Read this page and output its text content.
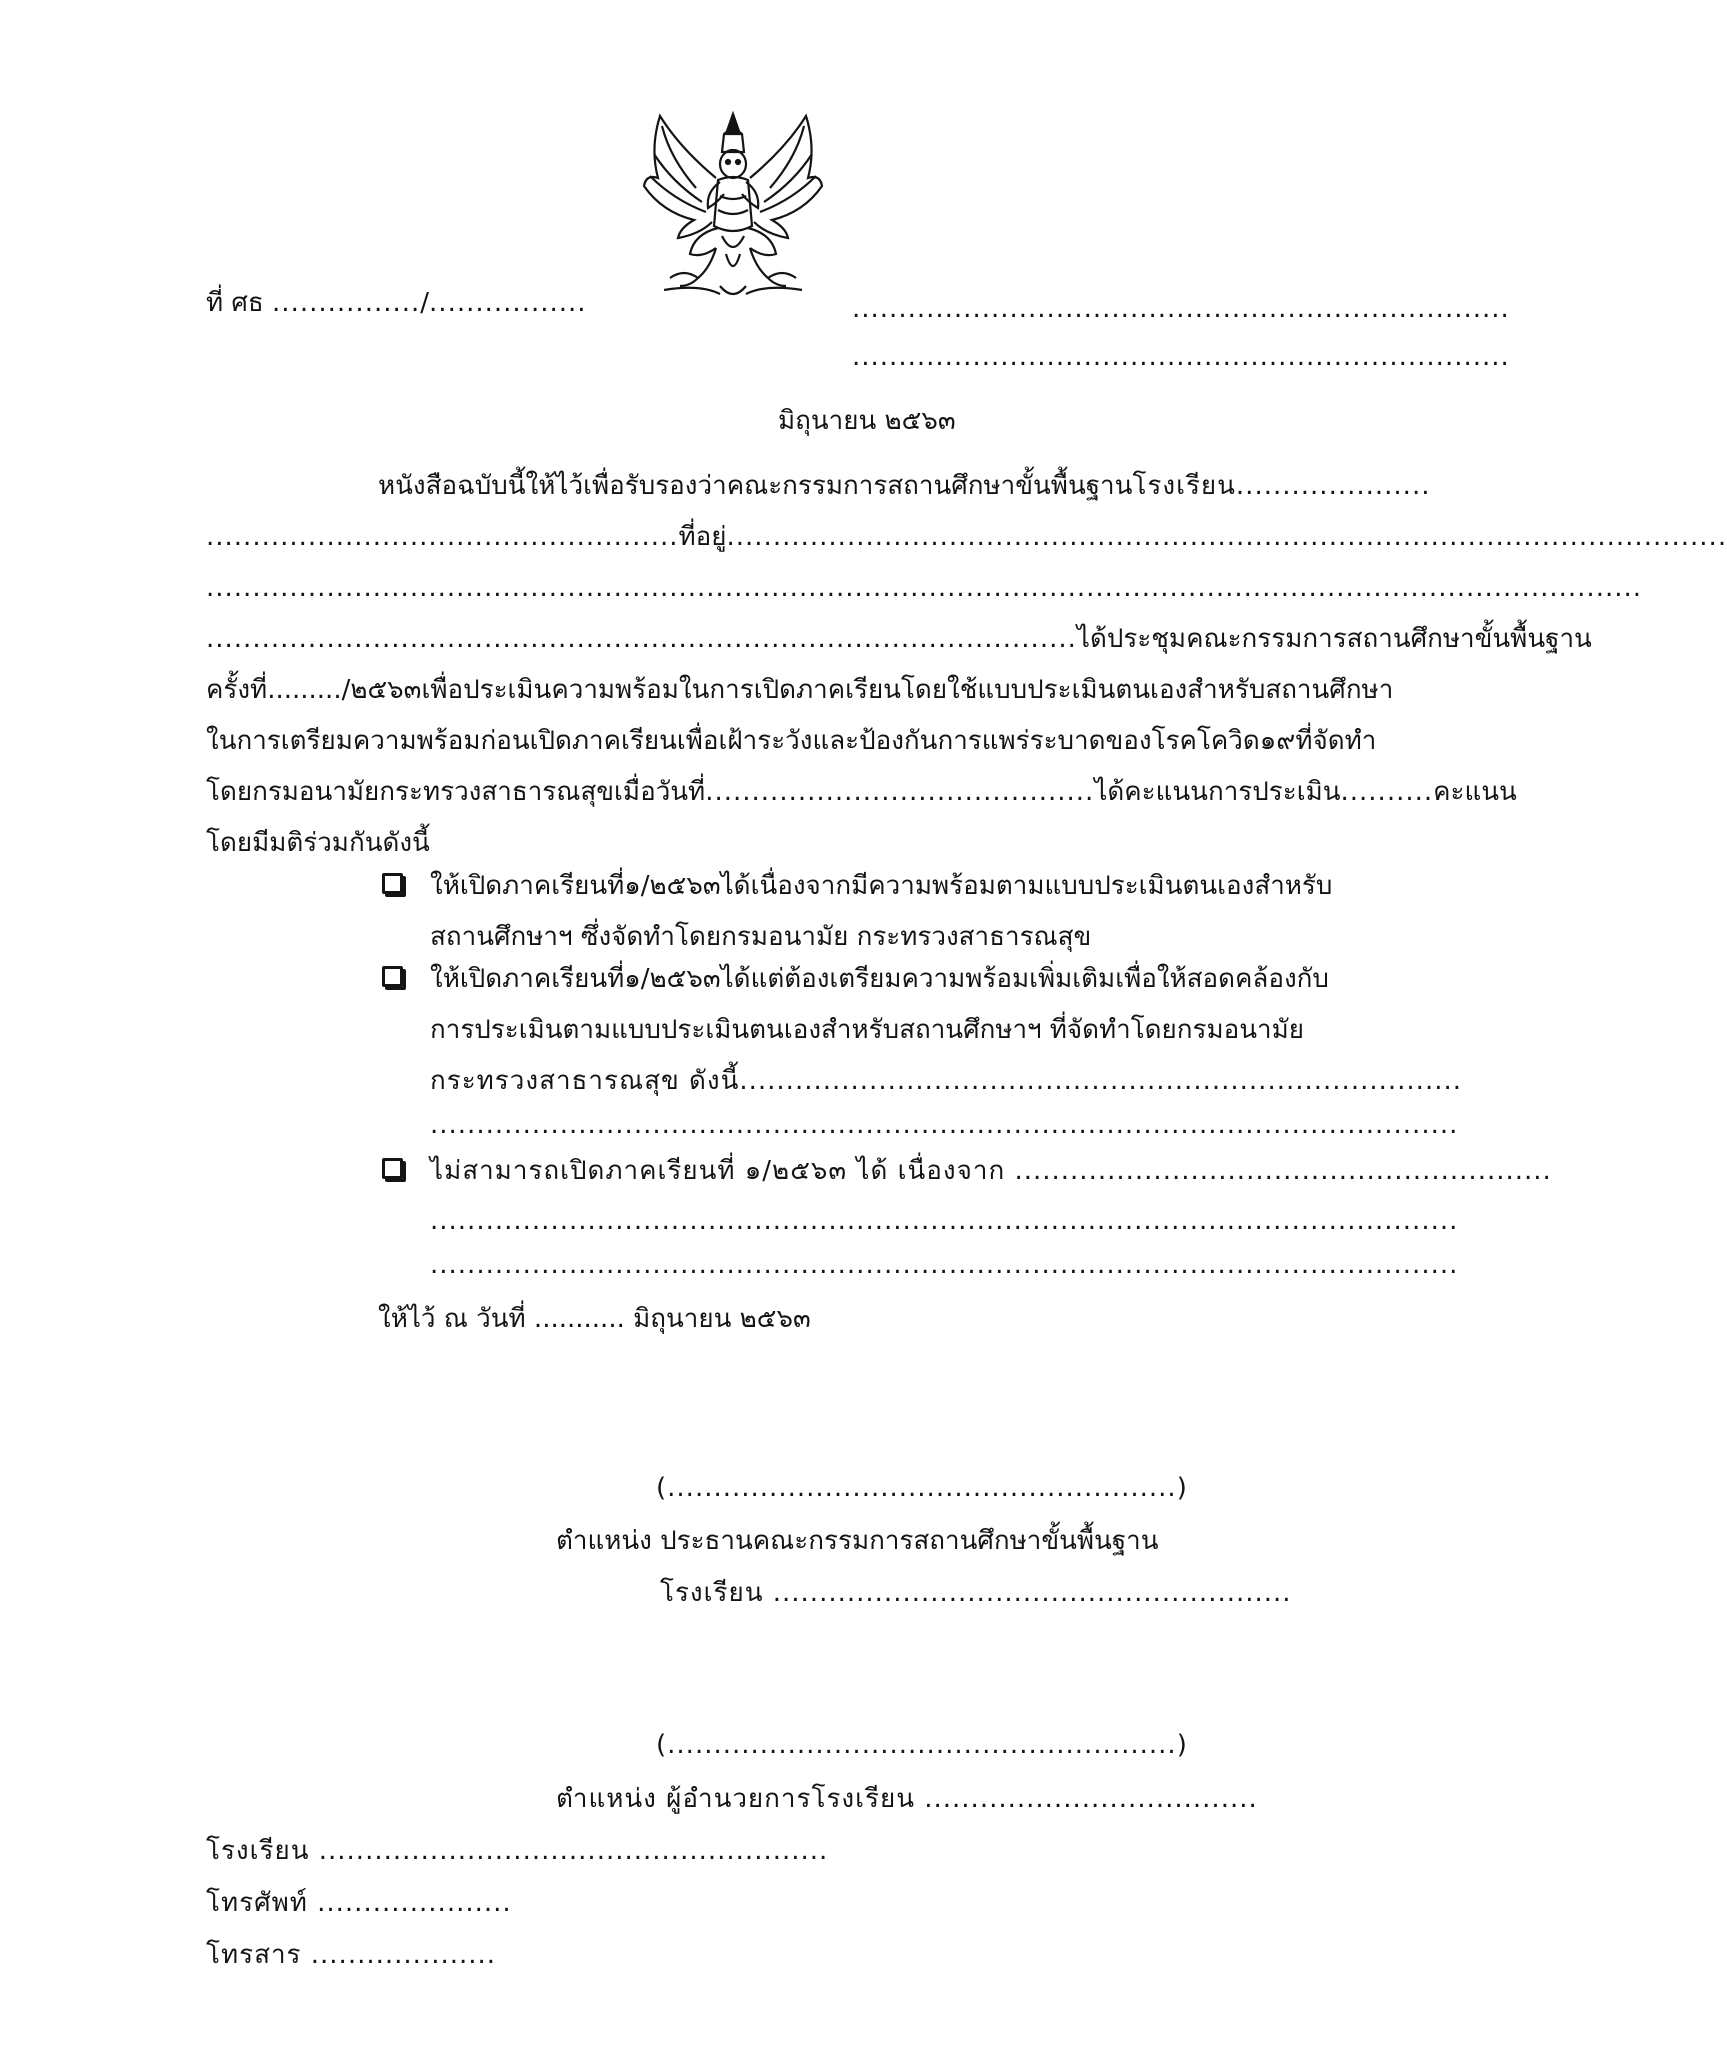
ที่ ศธ ................/.................	.......................................................................
.......................................................................
มิถุนายน ๒๕๖๓
หนังสือฉบับนี้ให้ไว้เพื่อรับรองว่า คณะกรรมการสถานศึกษาขั้นพื้นฐาน โรงเรียน.....................
................................................... ที่อยู่ ............................................................................................................
...........................................................................................................................................................
.............................................................................................. ได้ประชุมคณะกรรมการสถานศึกษาขั้นพื้นฐาน
ครั้งที่ ........./๒๕๖๓ เพื่อประเมินความพร้อมในการเปิดภาคเรียน โดยใช้แบบประเมินตนเองสำหรับสถานศึกษา
ในการเตรียมความพร้อมก่อนเปิดภาคเรียน เพื่อเฝ้าระวังและป้องกันการแพร่ระบาดของโรคโควิด ๑๙ ที่จัดทำ
โดยกรมอนามัย กระทรวงสาธารณสุข เมื่อวันที่ .......................................... ได้คะแนนการประเมิน .......... คะแนน
โดยมีมติร่วมกันดังนี้
ให้เปิดภาคเรียนที่ ๑/๒๕๖๓ ได้ เนื่องจากมีความพร้อมตามแบบประเมินตนเองสำหรับ
สถานศึกษาฯ ซึ่งจัดทำโดยกรมอนามัย กระทรวงสาธารณสุข
ให้เปิดภาคเรียนที่ ๑/๒๕๖๓ ได้ แต่ต้องเตรียมความพร้อมเพิ่มเติม เพื่อให้สอดคล้องกับ
การประเมินตามแบบประเมินตนเองสำหรับสถานศึกษาฯ ที่จัดทำโดยกรมอนามัย
กระทรวงสาธารณสุข ดังนี้..............................................................................
...............................................................................................................
ไม่สามารถเปิดภาคเรียนที่ ๑/๒๕๖๓ ได้ เนื่องจาก ..........................................................
...............................................................................................................
...............................................................................................................
ให้ไว้ ณ วันที่ ........... มิถุนายน ๒๕๖๓
(.......................................................)
ตำแหน่ง ประธานคณะกรรมการสถานศึกษาขั้นพื้นฐาน
โรงเรียน ........................................................
(.......................................................)
ตำแหน่ง ผู้อำนวยการโรงเรียน ....................................
โรงเรียน .......................................................
โทรศัพท์ .....................
โทรสาร ....................
